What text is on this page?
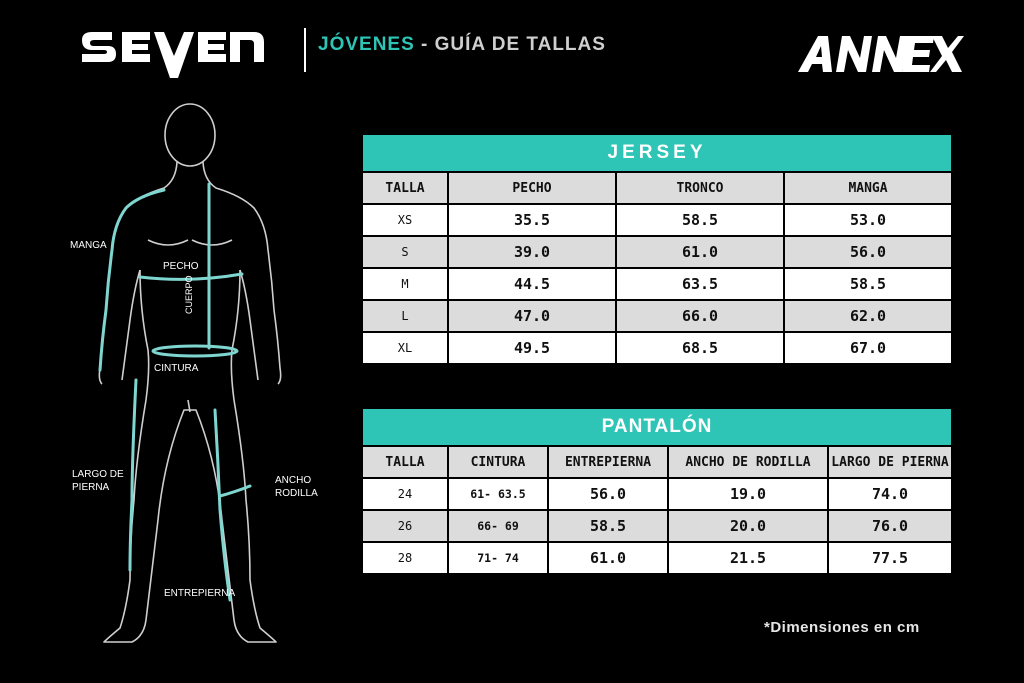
JÓVENES - GUÍA DE TALLAS
MANGA
PECHO
CUERPO
CINTURA
LARGO DE
PIERNA
ANCHO
RODILLA
ENTREPIERNA
JERSEY			
TALLA	PECHO	TRONCO	MANGA
XS	35.5	58.5	53.0
S	39.0	61.0	56.0
M	44.5	63.5	58.5
L	47.0	66.0	62.0
XL	49.5	68.5	67.0
PANTALÓN				
TALLA	CINTURA	ENTREPIERNA	ANCHO DE RODILLA	LARGO DE PIERNA
24	61- 63.5	56.0	19.0	74.0
26	66- 69	58.5	20.0	76.0
28	71- 74	61.0	21.5	77.5
*Dimensiones en cm
